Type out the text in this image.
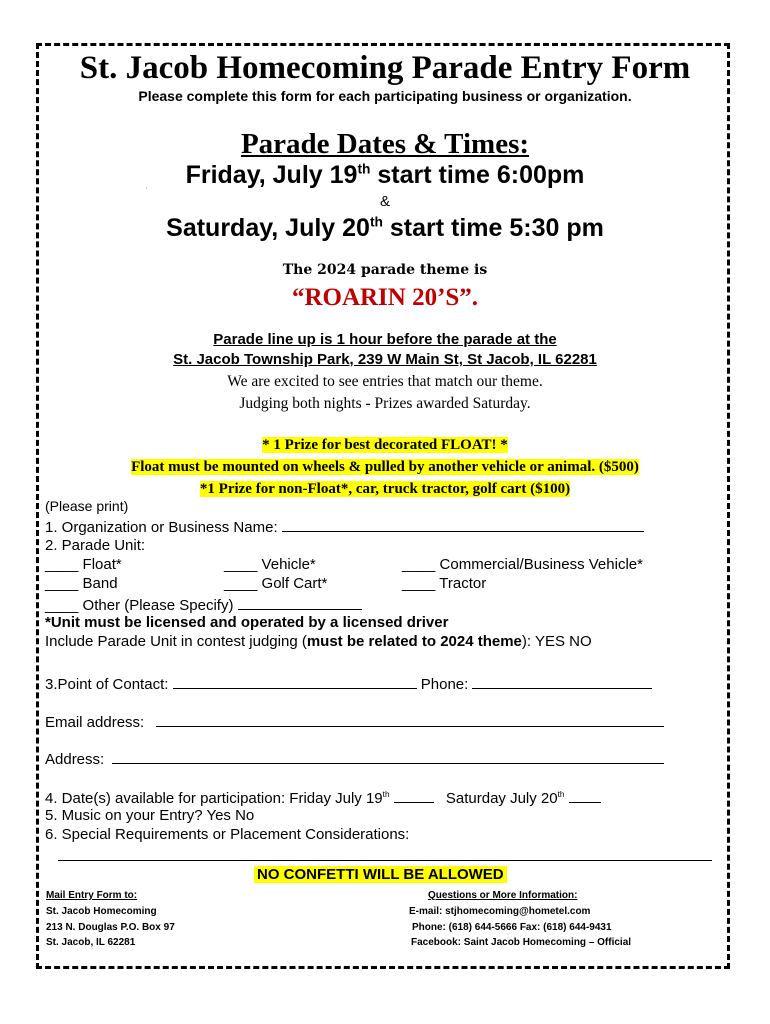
St. Jacob Homecoming Parade Entry Form
Please complete this form for each participating business or organization.
Parade Dates & Times:
Friday, July 19th start time 6:00pm
'
&
Saturday, July 20th start time 5:30 pm
The 2024 parade theme is
“ROARIN 20’S”.
Parade line up is 1 hour before the parade at the
St. Jacob Township Park, 239 W Main St, St Jacob, IL 62281
We are excited to see entries that match our theme.
Judging both nights - Prizes awarded Saturday.
* 1 Prize for best decorated FLOAT! *
Float must be mounted on wheels & pulled by another vehicle or animal. ($500)
*1 Prize for non-Float*, car, truck tractor, golf cart ($100)
(Please print)
1. Organization or Business Name:
2. Parade Unit:
____ Float*	____ Vehicle*	____ Commercial/Business Vehicle*
____ Band	____ Golf Cart*	____ Tractor
____ Other (Please Specify)
*Unit must be licensed and operated by a licensed driver
Include Parade Unit in contest judging (must be related to 2024 theme): YES NO
3.Point of Contact:	Phone:
Email address:
Address:
4. Date(s) available for participation: Friday July 19th	Saturday July 20th
5. Music on your Entry? Yes No
6. Special Requirements or Placement Considerations:
NO CONFETTI WILL BE ALLOWED
Mail Entry Form to:
St. Jacob Homecoming
213 N. Douglas P.O. Box 97
St. Jacob, IL 62281
Questions or More Information:
E-mail: stjhomecoming@hometel.com
Phone: (618) 644-5666 Fax: (618) 644-9431
Facebook: Saint Jacob Homecoming – Official
